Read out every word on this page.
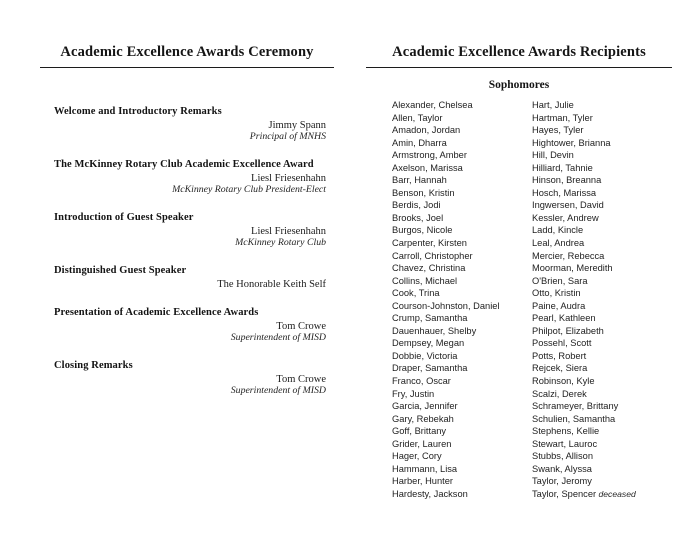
Academic Excellence Awards Ceremony
Welcome and Introductory Remarks
Jimmy Spann
Principal of MNHS
The McKinney Rotary Club Academic Excellence Award
Liesl Friesenhahn
McKinney Rotary Club President-Elect
Introduction of Guest Speaker
Liesl Friesenhahn
McKinney Rotary Club
Distinguished Guest Speaker
The Honorable Keith Self
Presentation of Academic Excellence Awards
Tom Crowe
Superintendent of MISD
Closing Remarks
Tom Crowe
Superintendent of MISD
Academic Excellence Awards Recipients
Sophomores
Alexander, Chelsea
Allen, Taylor
Amadon, Jordan
Amin, Dharra
Armstrong, Amber
Axelson, Marissa
Barr, Hannah
Benson, Kristin
Berdis, Jodi
Brooks, Joel
Burgos, Nicole
Carpenter, Kirsten
Carroll, Christopher
Chavez, Christina
Collins, Michael
Cook, Trina
Courson-Johnston, Daniel
Crump, Samantha
Dauenhauer, Shelby
Dempsey, Megan
Dobbie, Victoria
Draper, Samantha
Franco, Oscar
Fry, Justin
Garcia, Jennifer
Gary, Rebekah
Goff, Brittany
Grider, Lauren
Hager, Cory
Hammann, Lisa
Harber, Hunter
Hardesty, Jackson
Hart, Julie
Hartman, Tyler
Hayes, Tyler
Hightower, Brianna
Hill, Devin
Hilliard, Tahnie
Hinson, Breanna
Hosch, Marissa
Ingwersen, David
Kessler, Andrew
Ladd, Kincle
Leal, Andrea
Mercier, Rebecca
Moorman, Meredith
O'Brien, Sara
Otto, Kristin
Paine, Audra
Pearl, Kathleen
Philpot, Elizabeth
Possehl, Scott
Potts, Robert
Rejcek, Siera
Robinson, Kyle
Scalzi, Derek
Schrameyer, Brittany
Schulien, Samantha
Stephens, Kellie
Stewart, Lauroc
Stubbs, Allison
Swank, Alyssa
Taylor, Jeromy
Taylor, Spencer deceased
